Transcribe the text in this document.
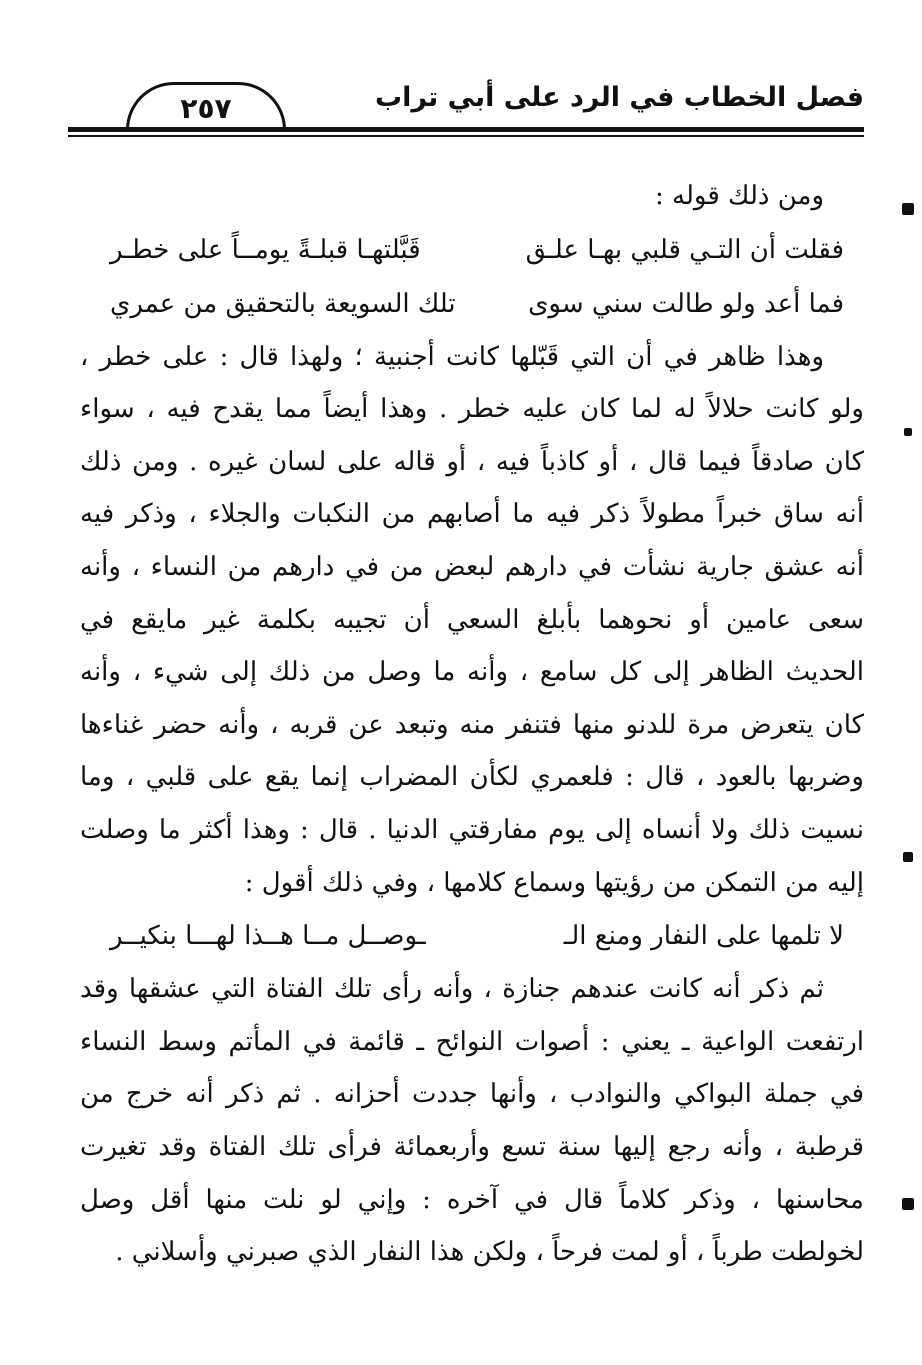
فصل الخطاب في الرد على أبي تراب
٢٥٧
ومن ذلك قوله :
فقلت أن التـي قلبي بهـا علـق
قَبَّلتهـا قبلـةً يومــاً على خطـر
فما أعد ولو طالت سني سوى
تلك السويعة بالتحقيق من عمري
وهذا ظاهر في أن التي قَبّلها كانت أجنبية ؛ ولهذا قال : على خطر ،
ولو كانت حلالاً له لما كان عليه خطر . وهذا أيضاً مما يقدح فيه ، سواء
كان صادقاً فيما قال ، أو كاذباً فيه ، أو قاله على لسان غيره . ومن ذلك
أنه ساق خبراً مطولاً ذكر فيه ما أصابهم من النكبات والجلاء ، وذكر فيه
أنه عشق جارية نشأت في دارهم لبعض من في دارهم من النساء ، وأنه
سعى عامين أو نحوهما بأبلغ السعي أن تجيبه بكلمة غير مايقع في
الحديث الظاهر إلى كل سامع ، وأنه ما وصل من ذلك إلى شيء ، وأنه
كان يتعرض مرة للدنو منها فتنفر منه وتبعد عن قربه ، وأنه حضر غناءها
وضربها بالعود ، قال : فلعمري لكأن المضراب إنما يقع على قلبي ، وما
نسيت ذلك ولا أنساه إلى يوم مفارقتي الدنيا . قال : وهذا أكثر ما وصلت
إليه من التمكن من رؤيتها وسماع كلامها ، وفي ذلك أقول :
لا تلمها على النفار ومنع الـ
ـوصــل مــا هــذا لهـــا بنكيــر
ثم ذكر أنه كانت عندهم جنازة ، وأنه رأى تلك الفتاة التي عشقها وقد
ارتفعت الواعية ـ يعني : أصوات النوائح ـ قائمة في المأتم وسط النساء
في جملة البواكي والنوادب ، وأنها جددت أحزانه . ثم ذكر أنه خرج من
قرطبة ، وأنه رجع إليها سنة تسع وأربعمائة فرأى تلك الفتاة وقد تغيرت
محاسنها ، وذكر كلاماً قال في آخره : وإني لو نلت منها أقل وصل
لخولطت طرباً ، أو لمت فرحاً ، ولكن هذا النفار الذي صبرني وأسلاني .
